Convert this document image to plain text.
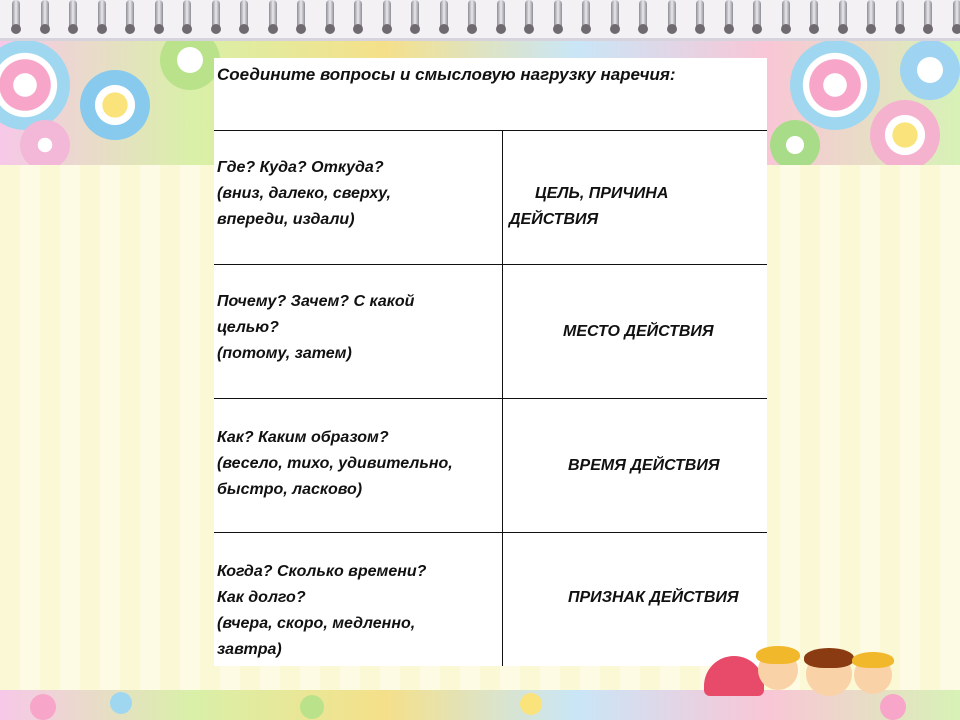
Соедините вопросы и смысловую нагрузку наречия:

Где? Куда? Откуда?
(вниз, далеко, сверху,
впереди, издали)

ЦЕЛЬ, ПРИЧИНА

ДЕЙСТВИЯ

Почему? Зачем? С какой
целью?
(потому, затем)

МЕСТО ДЕЙСТВИЯ

Как? Каким образом?
(весело, тихо, удивительно,
быстро, ласково)

ВРЕМЯ ДЕЙСТВИЯ

Когда? Сколько времени?
Как долго?
(вчера, скоро, медленно,
завтра)

ПРИЗНАК ДЕЙСТВИЯ
